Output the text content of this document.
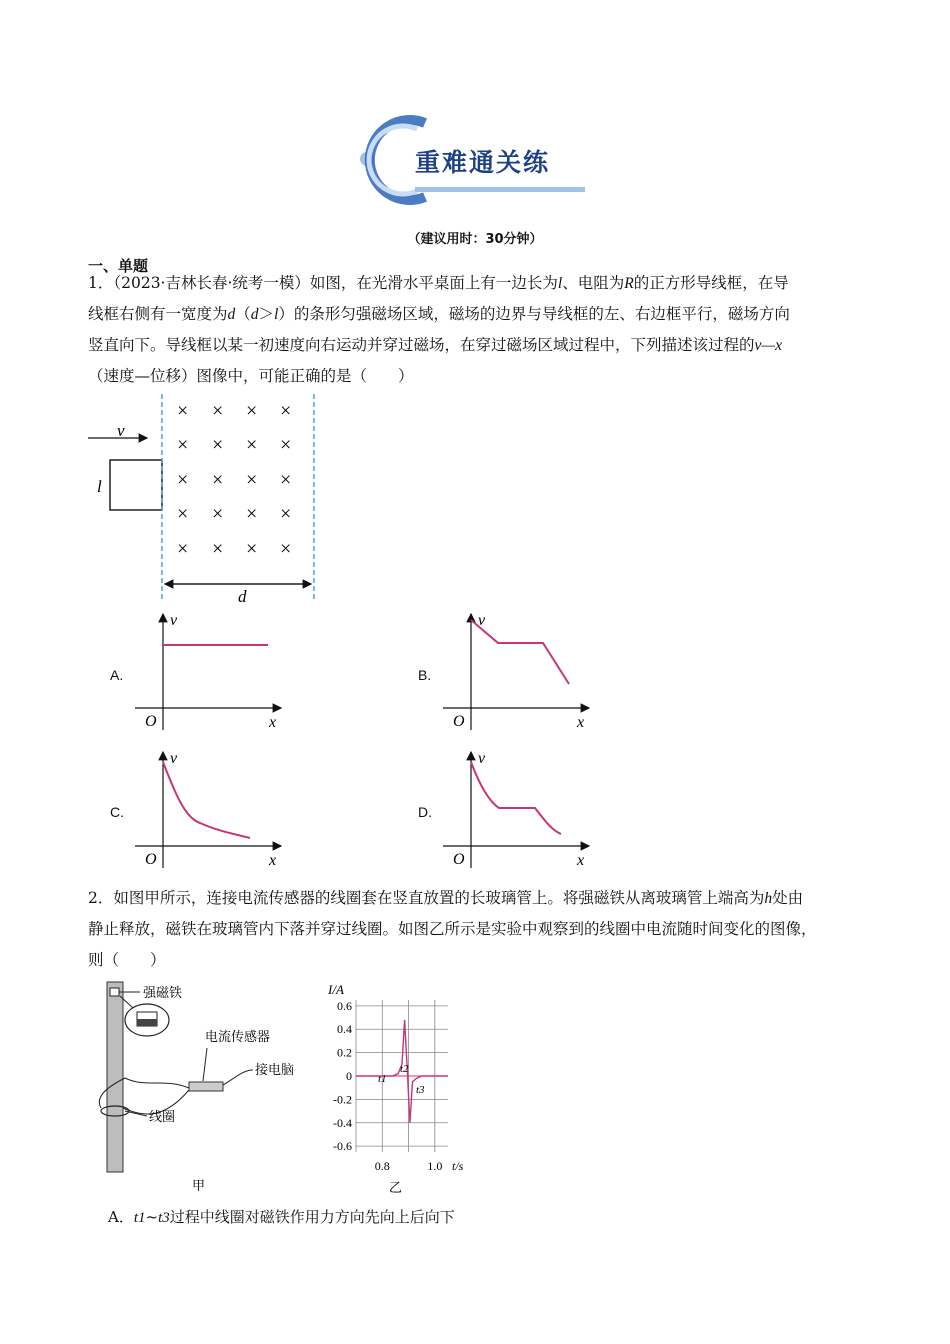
重难通关练
（建议用时：30分钟）
一、单题
1．（2023·吉林长春·统考一模）如图，在光滑水平桌面上有一边长为l、电阻为R的正方形导线框，在导
线框右侧有一宽度为d（d＞l）的条形匀强磁场区域，磁场的边界与导线框的左、右边框平行，磁场方向
竖直向下。导线框以某一初速度向右运动并穿过磁场，在穿过磁场区域过程中，下列描述该过程的v—x
（速度—位移）图像中，可能正确的是（　　）
v
l
×
×
×
×
×
×
×
×
×
×
×
×
×
×
×
×
×
×
×
×
d
A.
v
O	x
B.
v
O	x
C.
v
O	x
D.
v
O	x
2．如图甲所示，连接电流传感器的线圈套在竖直放置的长玻璃管上。将强磁铁从离玻璃管上端高为h处由
静止释放，磁铁在玻璃管内下落并穿过线圈。如图乙所示是实验中观察到的线圈中电流随时间变化的图像，
则（　　）
强磁铁
电流传感器
接电脑
线圈
甲
0.6
0.4
0.2
0
-0.2
-0.4
-0.6
0.8	1.0
I/A
t/s
t1
t2
t3
乙
A．t1~t3过程中线圈对磁铁作用力方向先向上后向下
